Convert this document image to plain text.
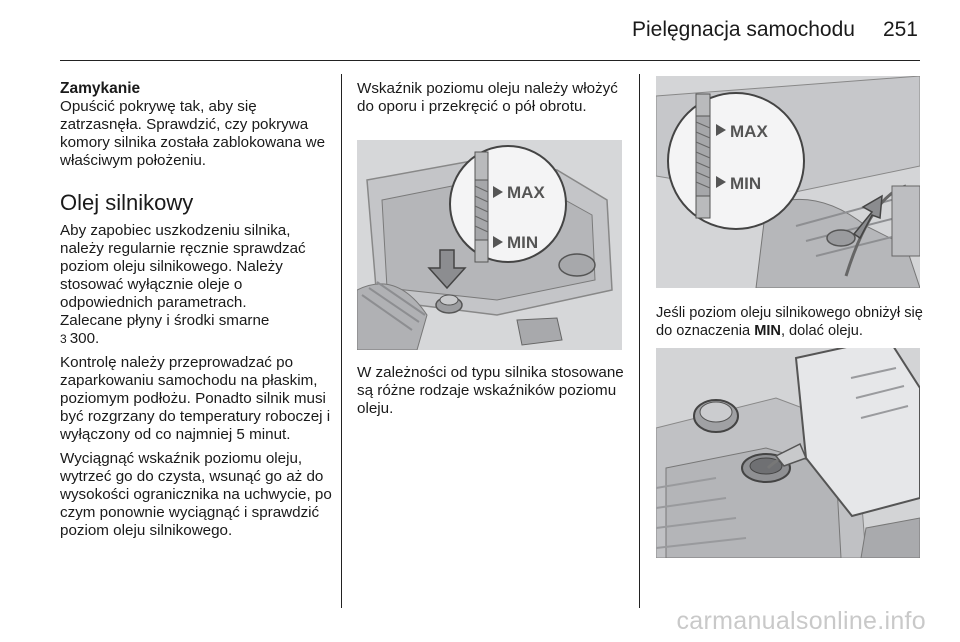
Pielęgnacja samochodu 251
Zamykanie

Opuścić pokrywę tak, aby się zatrzasnęła. Sprawdzić, czy pokrywa komory silnika została zablokowana we właściwym położeniu.

Olej silnikowy

Aby zapobiec uszkodzeniu silnika, należy regularnie ręcznie sprawdzać poziom oleju silnikowego. Należy stosować wyłącznie oleje o odpowiednich parametrach.

Zalecane płyny i środki smarne

3 300.

Kontrolę należy przeprowadzać po zaparkowaniu samochodu na płaskim, poziomym podłożu. Ponadto silnik musi być rozgrzany do temperatury roboczej i wyłączony od co najmniej 5 minut.

Wyciągnąć wskaźnik poziomu oleju, wytrzeć go do czysta, wsunąć go aż do wysokości ogranicznika na uchwycie, po czym ponownie wyciągnąć i sprawdzić poziom oleju silnikowego.

Wskaźnik poziomu oleju należy włożyć do oporu i przekręcić o pół obrotu.

MAX
MIN

W zależności od typu silnika stosowane są różne rodzaje wskaźników poziomu oleju.

MAX
MIN

Jeśli poziom oleju silnikowego obniżył się do oznaczenia MIN, dolać oleju.

carmanualsonline.info
